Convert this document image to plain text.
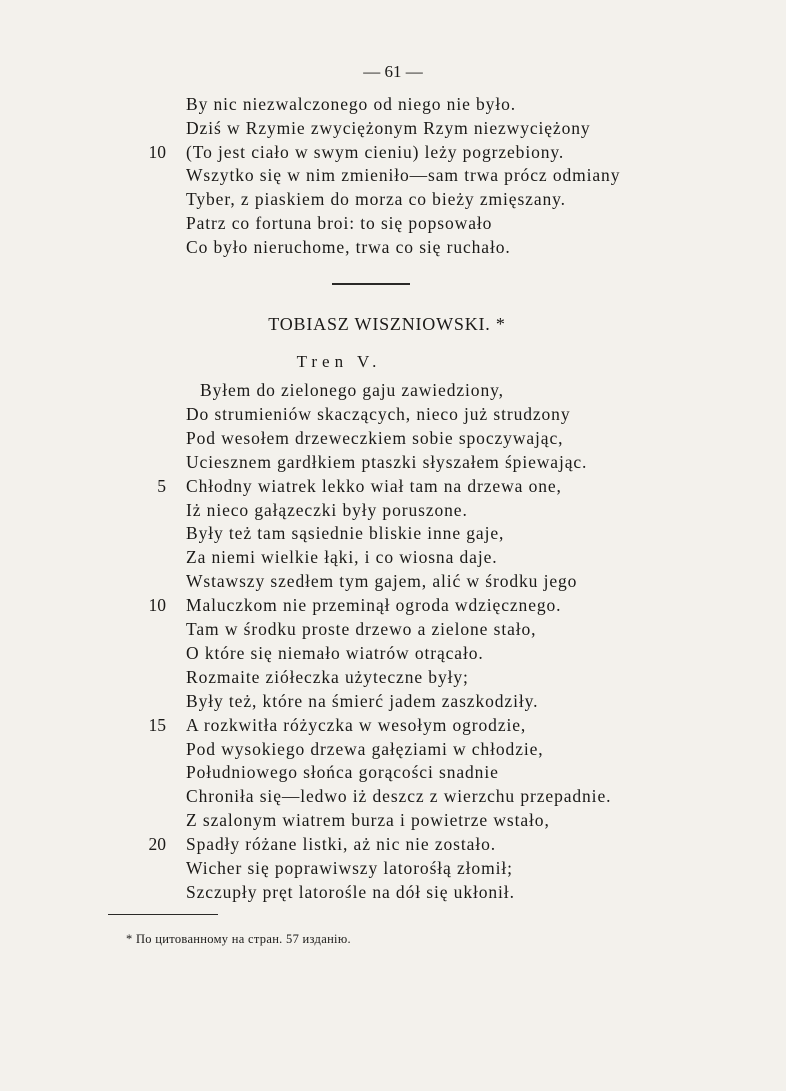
— 61 —
By nic niezwalczonego od niego nie było.
Dziś w Rzymie zwyciężonym Rzym niezwyciężony
(To jest ciało w swym cieniu) leży pogrzebiony.
10
Wszytko się w nim zmieniło—sam trwa prócz odmiany
Tyber, z piaskiem do morza co bieży zmięszany.
Patrz co fortuna broi: to się popsowało
Co było nieruchome, trwa co się ruchało.
TOBIASZ WISZNIOWSKI. *
Tren V.
Byłem do zielonego gaju zawiedziony,
Do strumieniów skaczących, nieco już strudzony
Pod wesołem drzeweczkiem sobie spoczywając,
Uciesznem gardłkiem ptaszki słyszałem śpiewając.
Chłodny wiatrek lekko wiał tam na drzewa one,
5
Iż nieco gałązeczki były poruszone.
Były też tam sąsiednie bliskie inne gaje,
Za niemi wielkie łąki, i co wiosna daje.
Wstawszy szedłem tym gajem, alić w środku jego
Maluczkom nie przeminął ogroda wdzięcznego.
10
Tam w środku proste drzewo a zielone stało,
O które się niemało wiatrów otrącało.
Rozmaite ziółeczka użyteczne były;
Były też, które na śmierć jadem zaszkodziły.
A rozkwitła różyczka w wesołym ogrodzie,
15
Pod wysokiego drzewa gałęziami w chłodzie,
Południowego słońca gorącości snadnie
Chroniła się—ledwo iż deszcz z wierzchu przepadnie.
Z szalonym wiatrem burza i powietrze wstało,
Spadły różane listki, aż nic nie zostało.
20
Wicher się poprawiwszy latorośłą złomił;
Szczupły pręt latorośle na dół się ukłonił.
* По цитованному на стран. 57 изданію.
